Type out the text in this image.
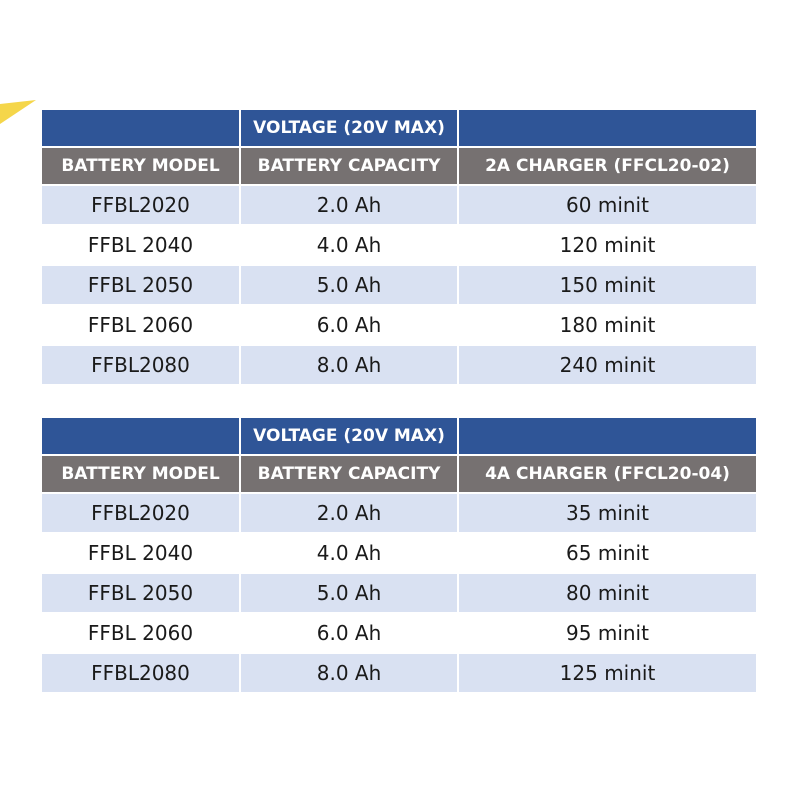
	VOLTAGE (20V MAX)	
BATTERY MODEL	BATTERY CAPACITY	2A CHARGER (FFCL20-02)
FFBL2020	2.0 Ah	60 minit
FFBL 2040	4.0 Ah	120 minit
FFBL 2050	5.0 Ah	150 minit
FFBL 2060	6.0 Ah	180 minit
FFBL2080	8.0 Ah	240 minit
	VOLTAGE (20V MAX)	
BATTERY MODEL	BATTERY CAPACITY	4A CHARGER (FFCL20-04)
FFBL2020	2.0 Ah	35 minit
FFBL 2040	4.0 Ah	65 minit
FFBL 2050	5.0 Ah	80 minit
FFBL 2060	6.0 Ah	95 minit
FFBL2080	8.0 Ah	125 minit
